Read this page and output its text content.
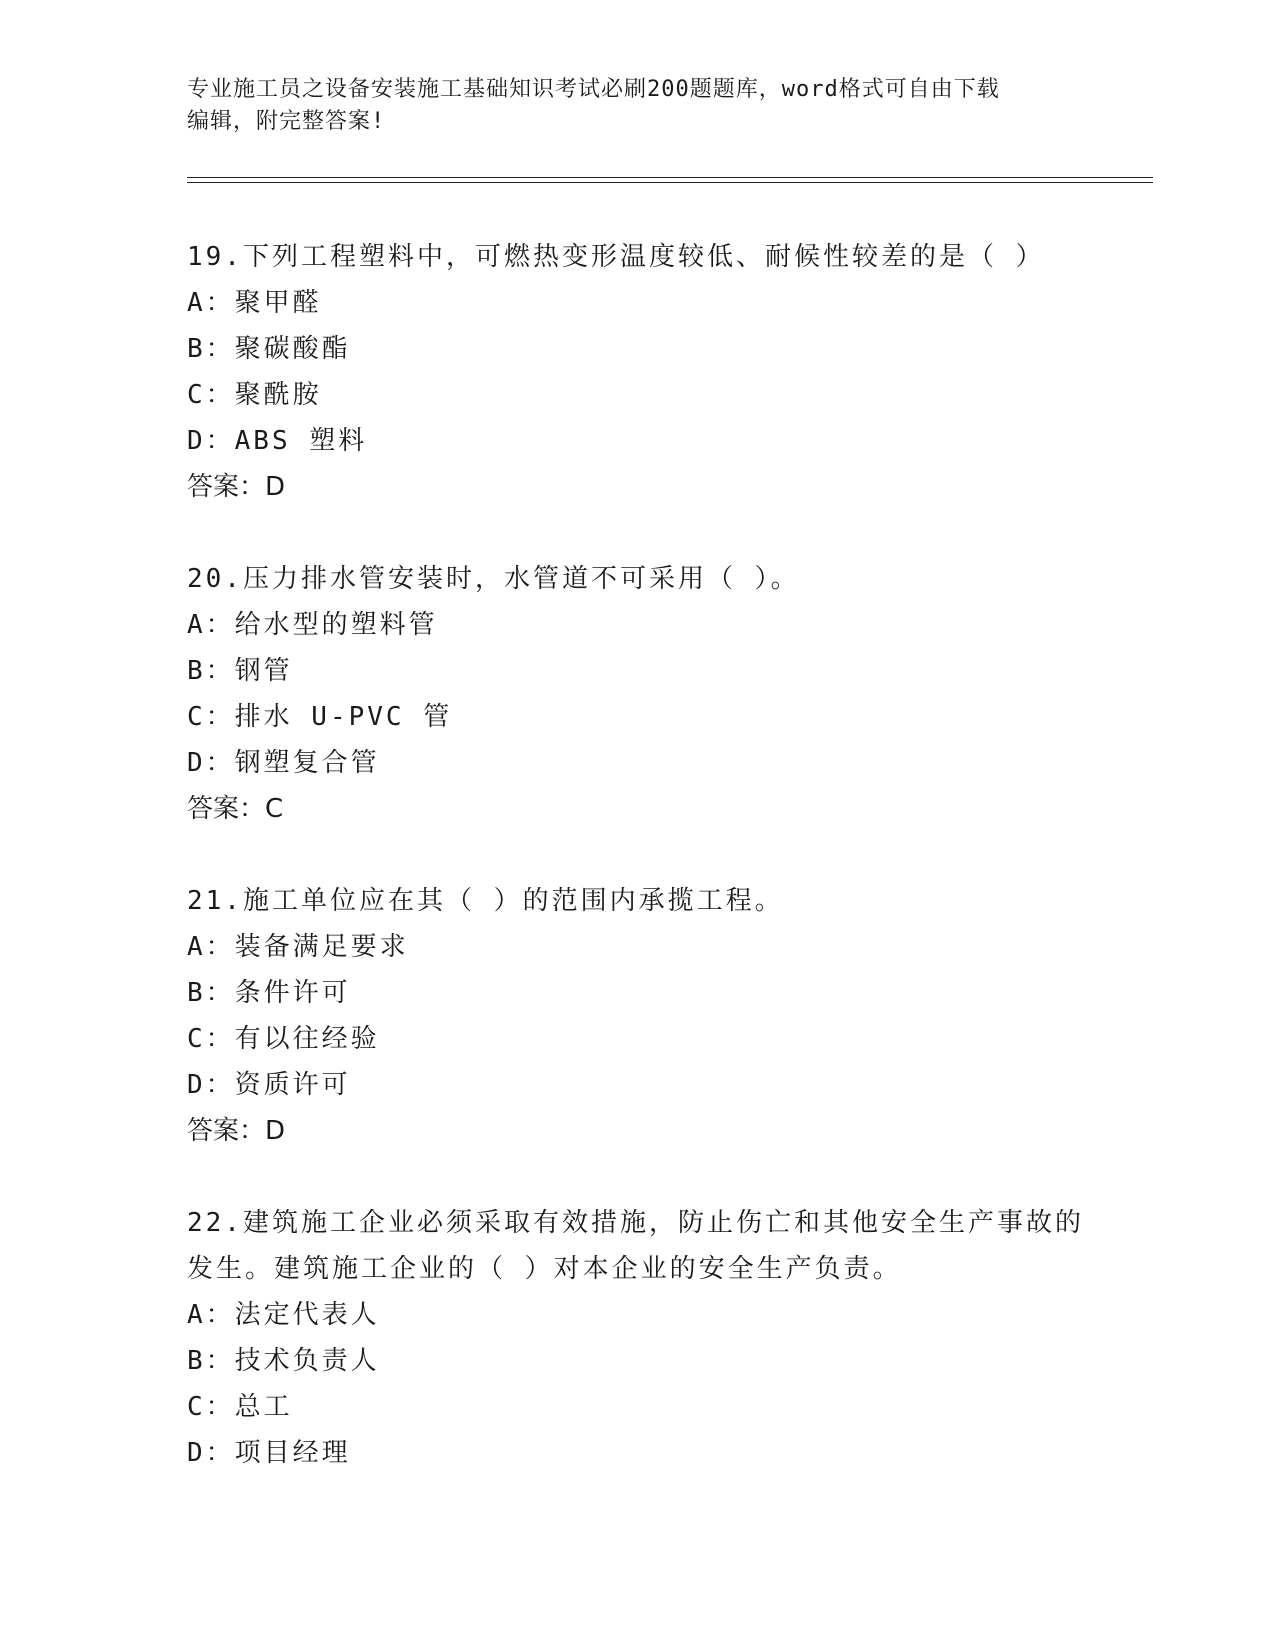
专业施工员之设备安装施工基础知识考试必刷200题题库，word格式可自由下载
编辑，附完整答案!
19.下列工程塑料中，可燃热变形温度较低、耐候性较差的是（ ）
A：聚甲醛
B：聚碳酸酯
C：聚酰胺
D：ABS 塑料
答案：D
20.压力排水管安装时，水管道不可采用（ ）。
A：给水型的塑料管
B：钢管
C：排水 U-PVC 管
D：钢塑复合管
答案：C
21.施工单位应在其（ ）的范围内承揽工程。
A：装备满足要求
B：条件许可
C：有以往经验
D：资质许可
答案：D
22.建筑施工企业必须采取有效措施，防止伤亡和其他安全生产事故的
发生。建筑施工企业的（ ）对本企业的安全生产负责。
A：法定代表人
B：技术负责人
C：总工
D：项目经理
